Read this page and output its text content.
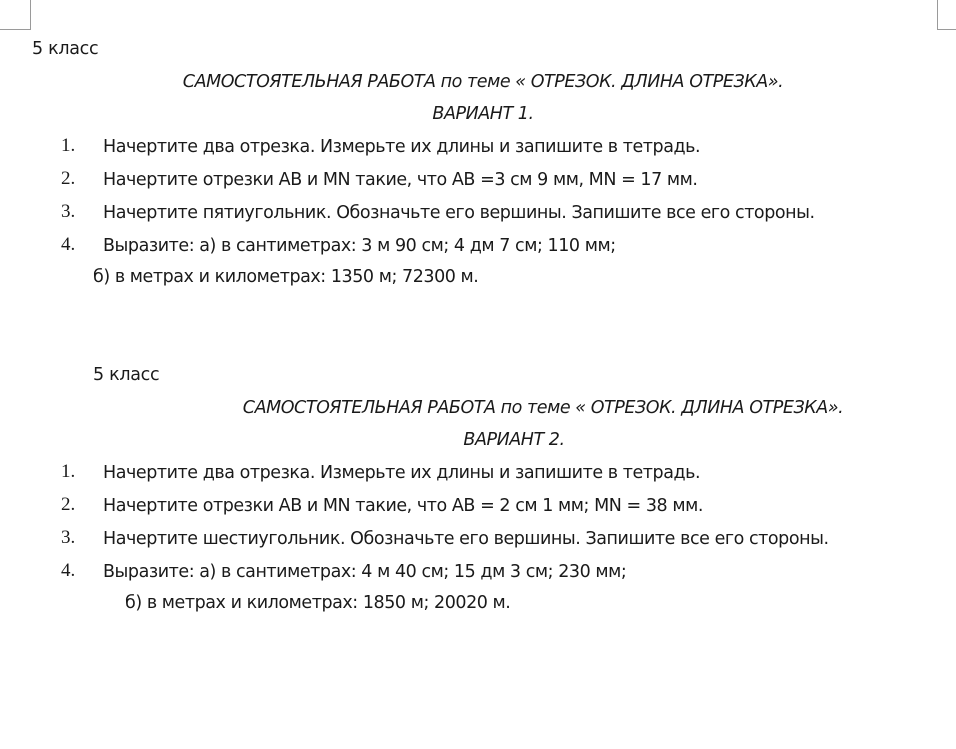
5 класс
САМОСТОЯТЕЛЬНАЯ РАБОТА по теме « ОТРЕЗОК. ДЛИНА ОТРЕЗКА».
ВАРИАНТ 1.
1. Начертите два отрезка. Измерьте их длины и запишите в тетрадь.
2. Начертите отрезки АВ и MN такие, что АВ =3 см 9 мм, MN = 17 мм.
3. Начертите пятиугольник. Обозначьте его вершины. Запишите все его стороны.
4. Выразите: а) в сантиметрах: 3 м 90 см; 4 дм 7 см; 110 мм;
б) в метрах и километрах: 1350 м; 72300 м.
5 класс
САМОСТОЯТЕЛЬНАЯ РАБОТА по теме « ОТРЕЗОК. ДЛИНА ОТРЕЗКА».
ВАРИАНТ 2.
1. Начертите два отрезка. Измерьте их длины и запишите в тетрадь.
2. Начертите отрезки АВ и MN такие, что АВ = 2 см 1 мм; MN = 38 мм.
3. Начертите шестиугольник. Обозначьте его вершины. Запишите все его стороны.
4. Выразите: а) в сантиметрах: 4 м 40 см; 15 дм 3 см; 230 мм;
б) в метрах и километрах: 1850 м; 20020 м.
